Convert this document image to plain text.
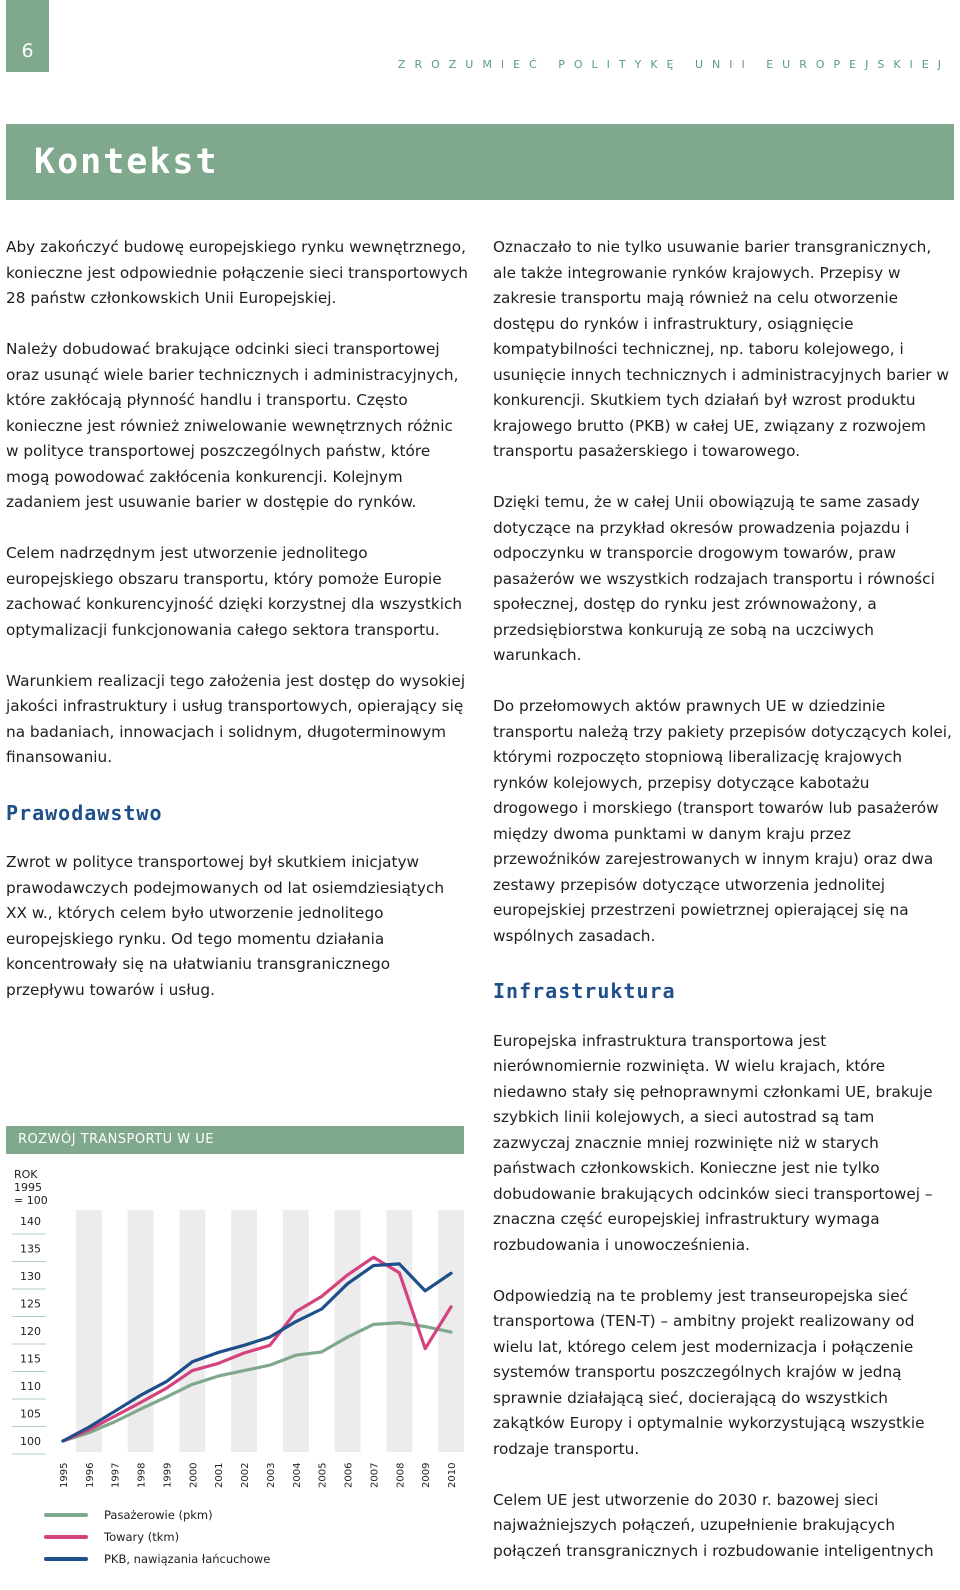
6
ZROZUMIEĆ POLITYKĘ UNII EUROPEJSKIEJ
Kontekst

Aby zakończyć budowę europejskiego rynku wewnętrznego, konieczne jest odpowiednie połączenie sieci transportowych 28 państw członkowskich Unii Europejskiej.

Należy dobudować brakujące odcinki sieci transportowej oraz usunąć wiele barier technicznych i administracyjnych, które zakłócają płynność handlu i transportu. Często konieczne jest również zniwelowanie wewnętrznych różnic w polityce transportowej poszczególnych państw, które mogą powodować zakłócenia konkurencji. Kolejnym zadaniem jest usuwanie barier w dostępie do rynków.

Celem nadrzędnym jest utworzenie jednolitego europejskiego obszaru transportu, który pomoże Europie zachować konkurencyjność dzięki korzystnej dla wszystkich optymalizacji funkcjonowania całego sektora transportu.

Warunkiem realizacji tego założenia jest dostęp do wysokiej jakości infrastruktury i usług transportowych, opierający się na badaniach, innowacjach i solidnym, długoterminowym finansowaniu.

Prawodawstwo

Zwrot w polityce transportowej był skutkiem inicjatyw prawodawczych podejmowanych od lat osiemdziesiątych XX w., których celem było utworzenie jednolitego europejskiego rynku. Od tego momentu działania koncentrowały się na ułatwianiu transgranicznego przepływu towarów i usług.

Oznaczało to nie tylko usuwanie barier transgranicznych, ale także integrowanie rynków krajowych. Przepisy w zakresie transportu mają również na celu otworzenie dostępu do rynków i infrastruktury, osiągnięcie kompatybilności technicznej, np. taboru kolejowego, i usunięcie innych technicznych i administracyjnych barier w konkurencji. Skutkiem tych działań był wzrost produktu krajowego brutto (PKB) w całej UE, związany z rozwojem transportu pasażerskiego i towarowego.

Dzięki temu, że w całej Unii obowiązują te same zasady dotyczące na przykład okresów prowadzenia pojazdu i odpoczynku w transporcie drogowym towarów, praw pasażerów we wszystkich rodzajach transportu i równości społecznej, dostęp do rynku jest zrównoważony, a przedsiębiorstwa konkurują ze sobą na uczciwych warunkach.

Do przełomowych aktów prawnych UE w dziedzinie transportu należą trzy pakiety przepisów dotyczących kolei, którymi rozpoczęto stopniową liberalizację krajowych rynków kolejowych, przepisy dotyczące kabotażu drogowego i morskiego (transport towarów lub pasażerów między dwoma punktami w danym kraju przez przewoźników zarejestrowanych w innym kraju) oraz dwa zestawy przepisów dotyczące utworzenia jednolitej europejskiej przestrzeni powietrznej opierającej się na wspólnych zasadach.

Infrastruktura

Europejska infrastruktura transportowa jest nierównomiernie rozwinięta. W wielu krajach, które niedawno stały się pełnoprawnymi członkami UE, brakuje szybkich linii kolejowych, a sieci autostrad są tam zazwyczaj znacznie mniej rozwinięte niż w starych państwach członkowskich. Konieczne jest nie tylko dobudowanie brakujących odcinków sieci transportowej – znaczna część europejskiej infrastruktury wymaga rozbudowania i unowocześnienia.

Odpowiedzią na te problemy jest transeuropejska sieć transportowa (TEN-T) – ambitny projekt realizowany od wielu lat, którego celem jest modernizacja i połączenie systemów transportu poszczególnych krajów w jedną sprawnie działającą sieć, docierającą do wszystkich zakątków Europy i optymalnie wykorzystującą wszystkie rodzaje transportu.

Celem UE jest utworzenie do 2030 r. bazowej sieci najważniejszych połączeń, uzupełnienie brakujących połączeń transgranicznych i rozbudowanie inteligentnych

ROZWÓJ TRANSPORTU W UE
ROK
1995
= 100
100
105
110
115
120
125
130
135
140
1995 1996 1997 1998 1999 2000 2001 2002 2003 2004 2005 2006 2007 2008 2009 2010
Pasażerowie (pkm)
Towary (tkm)
PKB, nawiązania łańcuchowe
